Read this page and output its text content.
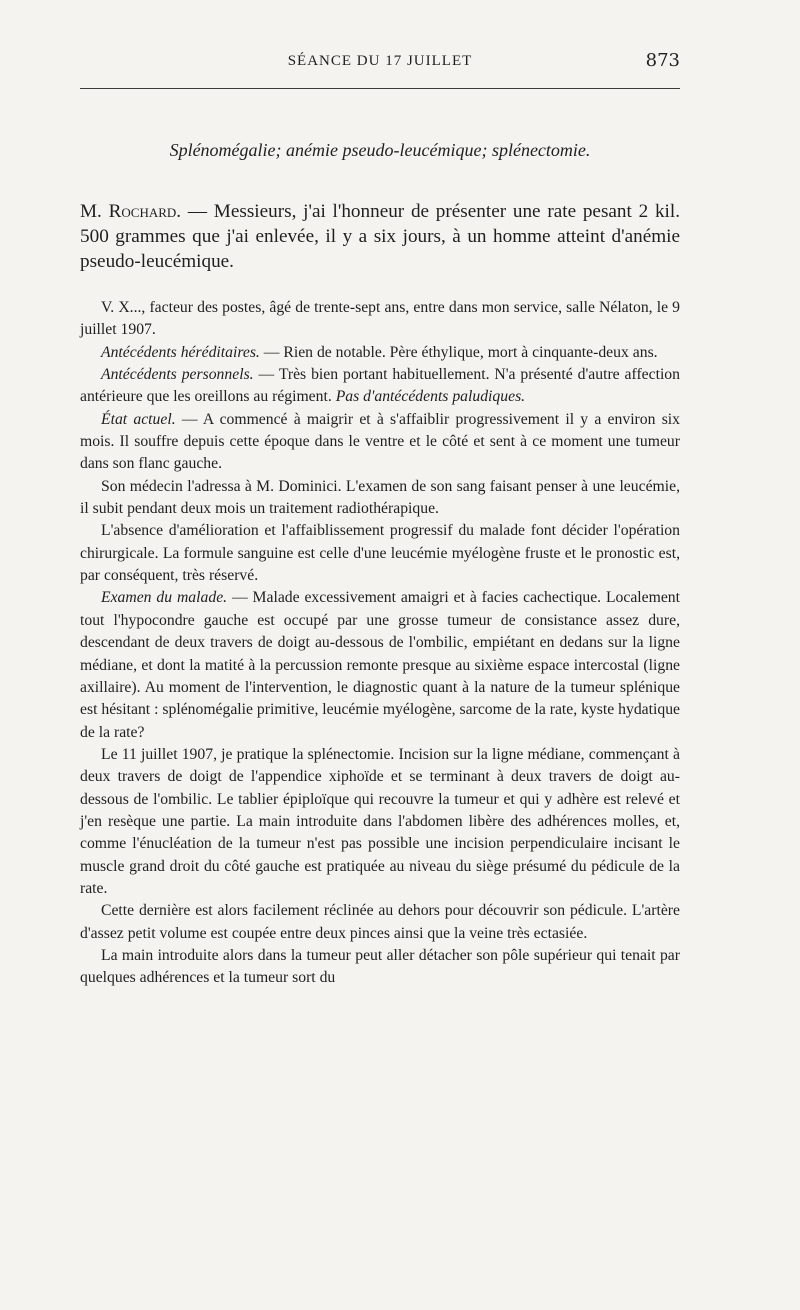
SÉANCE DU 17 JUILLET	873
Splénomégalie; anémie pseudo-leucémique; splénectomie.
M. Rochard. — Messieurs, j'ai l'honneur de présenter une rate pesant 2 kil. 500 grammes que j'ai enlevée, il y a six jours, à un homme atteint d'anémie pseudo-leucémique.

V. X..., facteur des postes, âgé de trente-sept ans, entre dans mon service, salle Nélaton, le 9 juillet 1907.

Antécédents héréditaires. — Rien de notable. Père éthylique, mort à cinquante-deux ans.

Antécédents personnels. — Très bien portant habituellement. N'a présenté d'autre affection antérieure que les oreillons au régiment. Pas d'antécédents paludiques.

État actuel. — A commencé à maigrir et à s'affaiblir progressivement il y a environ six mois. Il souffre depuis cette époque dans le ventre et le côté et sent à ce moment une tumeur dans son flanc gauche.

Son médecin l'adressa à M. Dominici. L'examen de son sang faisant penser à une leucémie, il subit pendant deux mois un traitement radiothérapique.

L'absence d'amélioration et l'affaiblissement progressif du malade font décider l'opération chirurgicale. La formule sanguine est celle d'une leucémie myélogène fruste et le pronostic est, par conséquent, très réservé.

Examen du malade. — Malade excessivement amaigri et à facies cachectique. Localement tout l'hypocondre gauche est occupé par une grosse tumeur de consistance assez dure, descendant de deux travers de doigt au-dessous de l'ombilic, empiétant en dedans sur la ligne médiane, et dont la matité à la percussion remonte presque au sixième espace intercostal (ligne axillaire). Au moment de l'intervention, le diagnostic quant à la nature de la tumeur splénique est hésitant : splénomégalie primitive, leucémie myélogène, sarcome de la rate, kyste hydatique de la rate?

Le 11 juillet 1907, je pratique la splénectomie. Incision sur la ligne médiane, commençant à deux travers de doigt de l'appendice xiphoïde et se terminant à deux travers de doigt au-dessous de l'ombilic. Le tablier épiploïque qui recouvre la tumeur et qui y adhère est relevé et j'en resèque une partie. La main introduite dans l'abdomen libère des adhérences molles, et, comme l'énucléation de la tumeur n'est pas possible une incision perpendiculaire incisant le muscle grand droit du côté gauche est pratiquée au niveau du siège présumé du pédicule de la rate.

Cette dernière est alors facilement réclinée au dehors pour découvrir son pédicule. L'artère d'assez petit volume est coupée entre deux pinces ainsi que la veine très ectasiée.

La main introduite alors dans la tumeur peut aller détacher son pôle supérieur qui tenait par quelques adhérences et la tumeur sort du
